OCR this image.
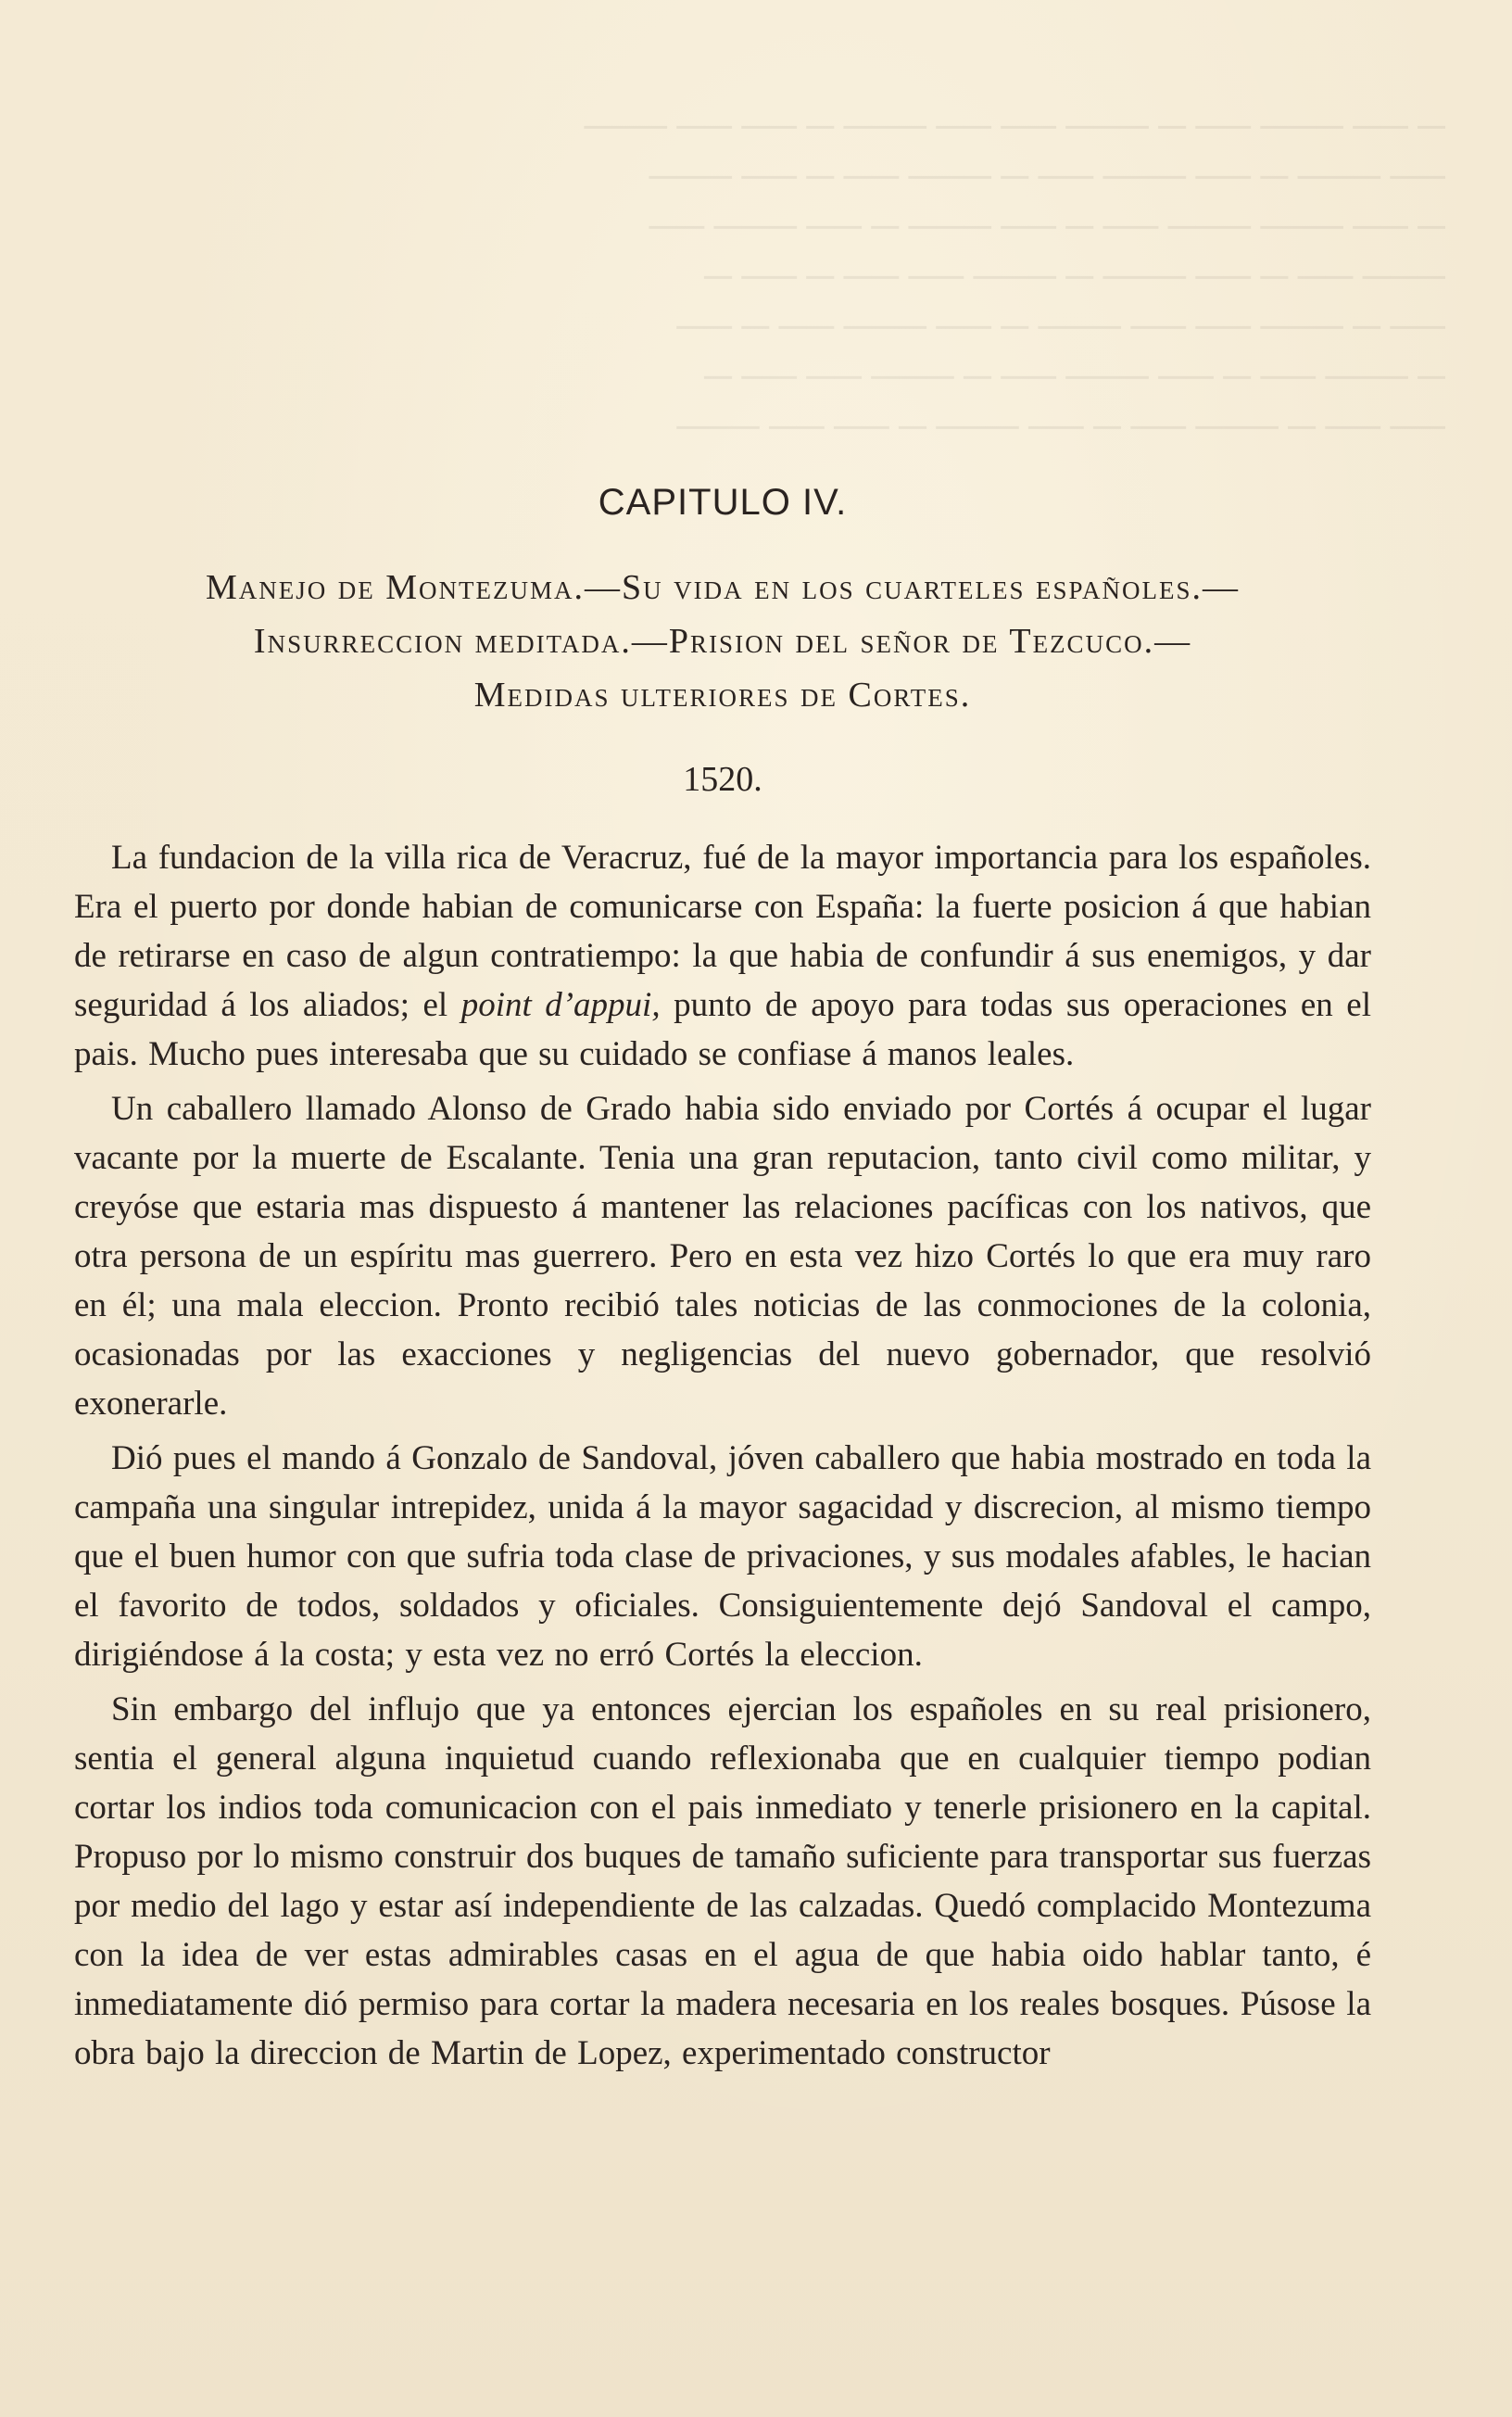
─ ── ─── ── ─ ─── ── ── ─── ─ ── ── ───
── ─── ─ ── ─── ── ─ ─── ── ─ ── ───
─ ── ─── ─── ── ─ ── ─── ─ ── ─── ──
─── ── ─ ── ─── ─ ─── ── ── ─ ── ─
── ─ ─── ── ── ─── ─ ── ─── ── ─ ──
─ ─── ── ─ ── ─── ── ─ ─── ── ── ─
── ── ─ ─── ── ─ ── ─── ─ ── ── ───
CAPITULO IV.
Manejo de Montezuma.—Su vida en los cuarteles españoles.—
Insurreccion meditada.—Prision del señor de Tezcuco.—
Medidas ulteriores de Cortes.
1520.

La fundacion de la villa rica de Veracruz, fué de la mayor importancia para los españoles. Era el puerto por donde habian de comunicarse con España: la fuerte posicion á que habian de retirarse en caso de algun contratiempo: la que habia de confundir á sus enemigos, y dar seguridad á los aliados; el point d’appui, punto de apoyo para todas sus operaciones en el pais. Mucho pues interesaba que su cuidado se confiase á manos leales.

Un caballero llamado Alonso de Grado habia sido enviado por Cortés á ocupar el lugar vacante por la muerte de Escalante. Tenia una gran reputacion, tanto civil como militar, y creyóse que estaria mas dispuesto á mantener las relaciones pacíficas con los nativos, que otra persona de un espíritu mas guerrero. Pero en esta vez hizo Cortés lo que era muy raro en él; una mala eleccion. Pronto recibió tales noticias de las conmociones de la colonia, ocasionadas por las exacciones y negligencias del nuevo gobernador, que resolvió exonerarle.

Dió pues el mando á Gonzalo de Sandoval, jóven caballero que habia mostrado en toda la campaña una singular intrepidez, unida á la mayor sagacidad y discrecion, al mismo tiempo que el buen humor con que sufria toda clase de privaciones, y sus modales afables, le hacian el favorito de todos, soldados y oficiales. Consiguientemente dejó Sandoval el campo, dirigiéndose á la costa; y esta vez no erró Cortés la eleccion.

Sin embargo del influjo que ya entonces ejercian los españoles en su real prisionero, sentia el general alguna inquietud cuando reflexionaba que en cualquier tiempo podian cortar los indios toda comunicacion con el pais inmediato y tenerle prisionero en la capital. Propuso por lo mismo construir dos buques de tamaño suficiente para transportar sus fuerzas por medio del lago y estar así independiente de las calzadas. Quedó complacido Montezuma con la idea de ver estas admirables casas en el agua de que habia oido hablar tanto, é inmediatamente dió permiso para cortar la madera necesaria en los reales bosques. Púsose la obra bajo la direccion de Martin de Lopez, experimentado constructor
